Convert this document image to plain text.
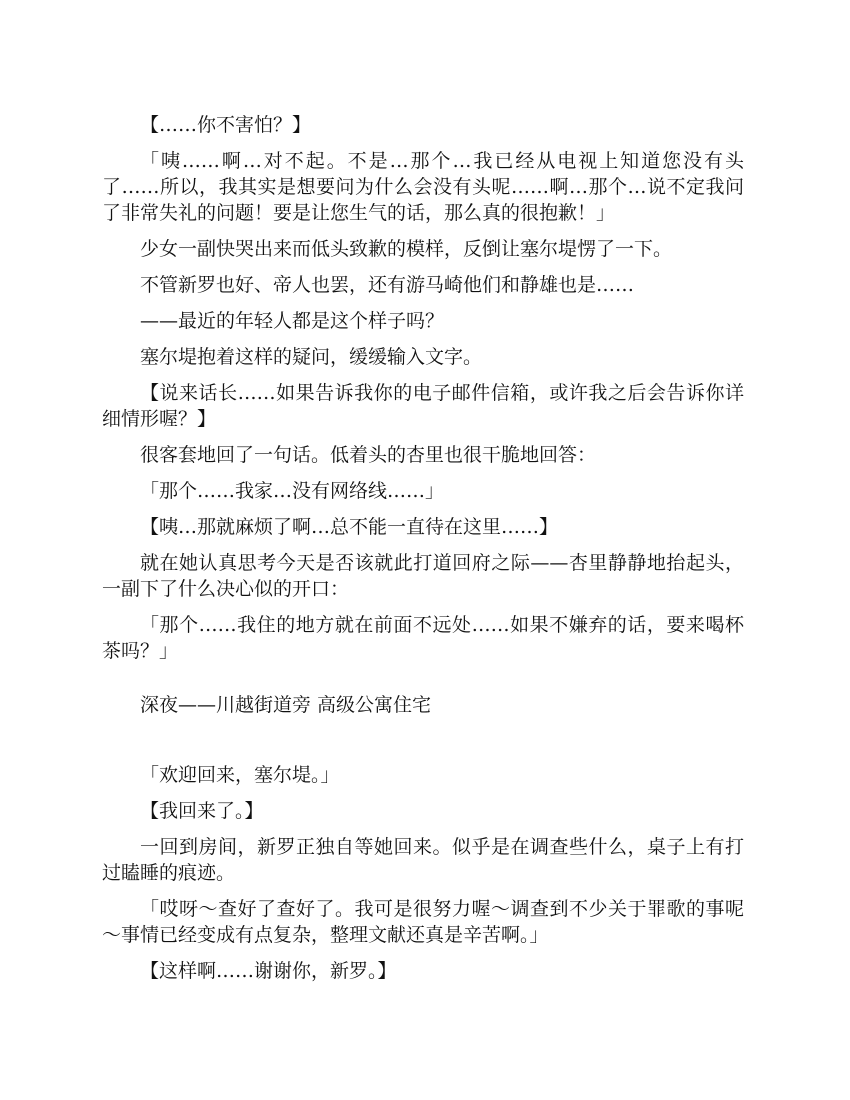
【……你不害怕？】

「咦……啊…对不起。不是…那个…我已经从电视上知道您没有头了……所以，我其实是想要问为什么会没有头呢……啊…那个…说不定我问了非常失礼的问题！要是让您生气的话，那么真的很抱歉！」

少女一副快哭出来而低头致歉的模样，反倒让塞尔堤愣了一下。

不管新罗也好、帝人也罢，还有游马崎他们和静雄也是……

——最近的年轻人都是这个样子吗？

塞尔堤抱着这样的疑问，缓缓输入文字。

【说来话长……如果告诉我你的电子邮件信箱，或许我之后会告诉你详细情形喔？】

很客套地回了一句话。低着头的杏里也很干脆地回答：

「那个……我家…没有网络线……」

【咦…那就麻烦了啊…总不能一直待在这里……】

就在她认真思考今天是否该就此打道回府之际——杏里静静地抬起头，一副下了什么决心似的开口：

「那个……我住的地方就在前面不远处……如果不嫌弃的话，要来喝杯茶吗？」

深夜——川越街道旁 高级公寓住宅

「欢迎回来，塞尔堤。」

【我回来了。】

一回到房间，新罗正独自等她回来。似乎是在调查些什么，桌子上有打过瞌睡的痕迹。

「哎呀～查好了查好了。我可是很努力喔～调查到不少关于罪歌的事呢～事情已经变成有点复杂，整理文献还真是辛苦啊。」

【这样啊……谢谢你，新罗。】
